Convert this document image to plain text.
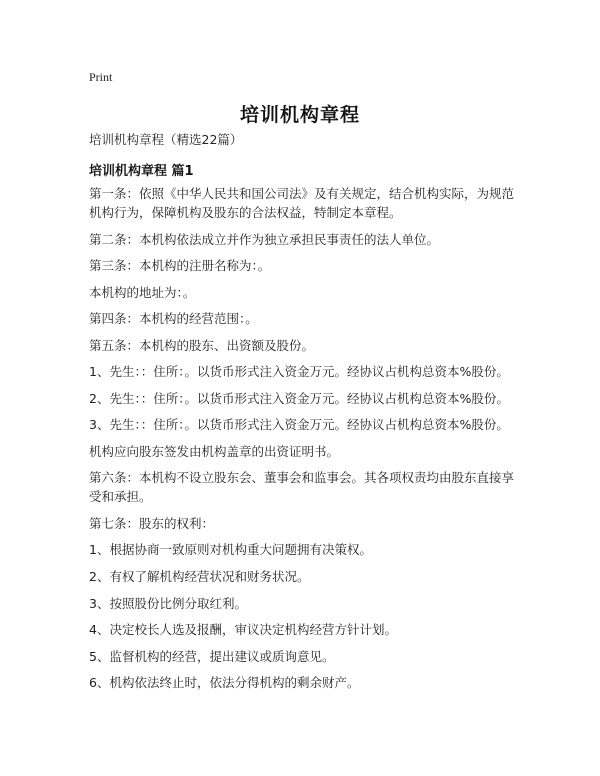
Print
培训机构章程
培训机构章程（精选22篇）
培训机构章程 篇1

第一条：依照《中华人民共和国公司法》及有关规定，结合机构实际，为规范机构行为，保障机构及股东的合法权益，特制定本章程。

第二条：本机构依法成立并作为独立承担民事责任的法人单位。

第三条：本机构的注册名称为：。

本机构的地址为：。

第四条：本机构的经营范围：。

第五条：本机构的股东、出资额及股份。

1、先生：：住所：。以货币形式注入资金万元。经协议占机构总资本%股份。

2、先生：：住所：。以货币形式注入资金万元。经协议占机构总资本%股份。

3、先生：：住所：。以货币形式注入资金万元。经协议占机构总资本%股份。

机构应向股东签发由机构盖章的出资证明书。

第六条：本机构不设立股东会、董事会和监事会。其各项权责均由股东直接享受和承担。

第七条：股东的权利：

1、根据协商一致原则对机构重大问题拥有决策权。

2、有权了解机构经营状况和财务状况。

3、按照股份比例分取红利。

4、决定校长人选及报酬，审议决定机构经营方针计划。

5、监督机构的经营，提出建议或质询意见。

6、机构依法终止时，依法分得机构的剩余财产。
